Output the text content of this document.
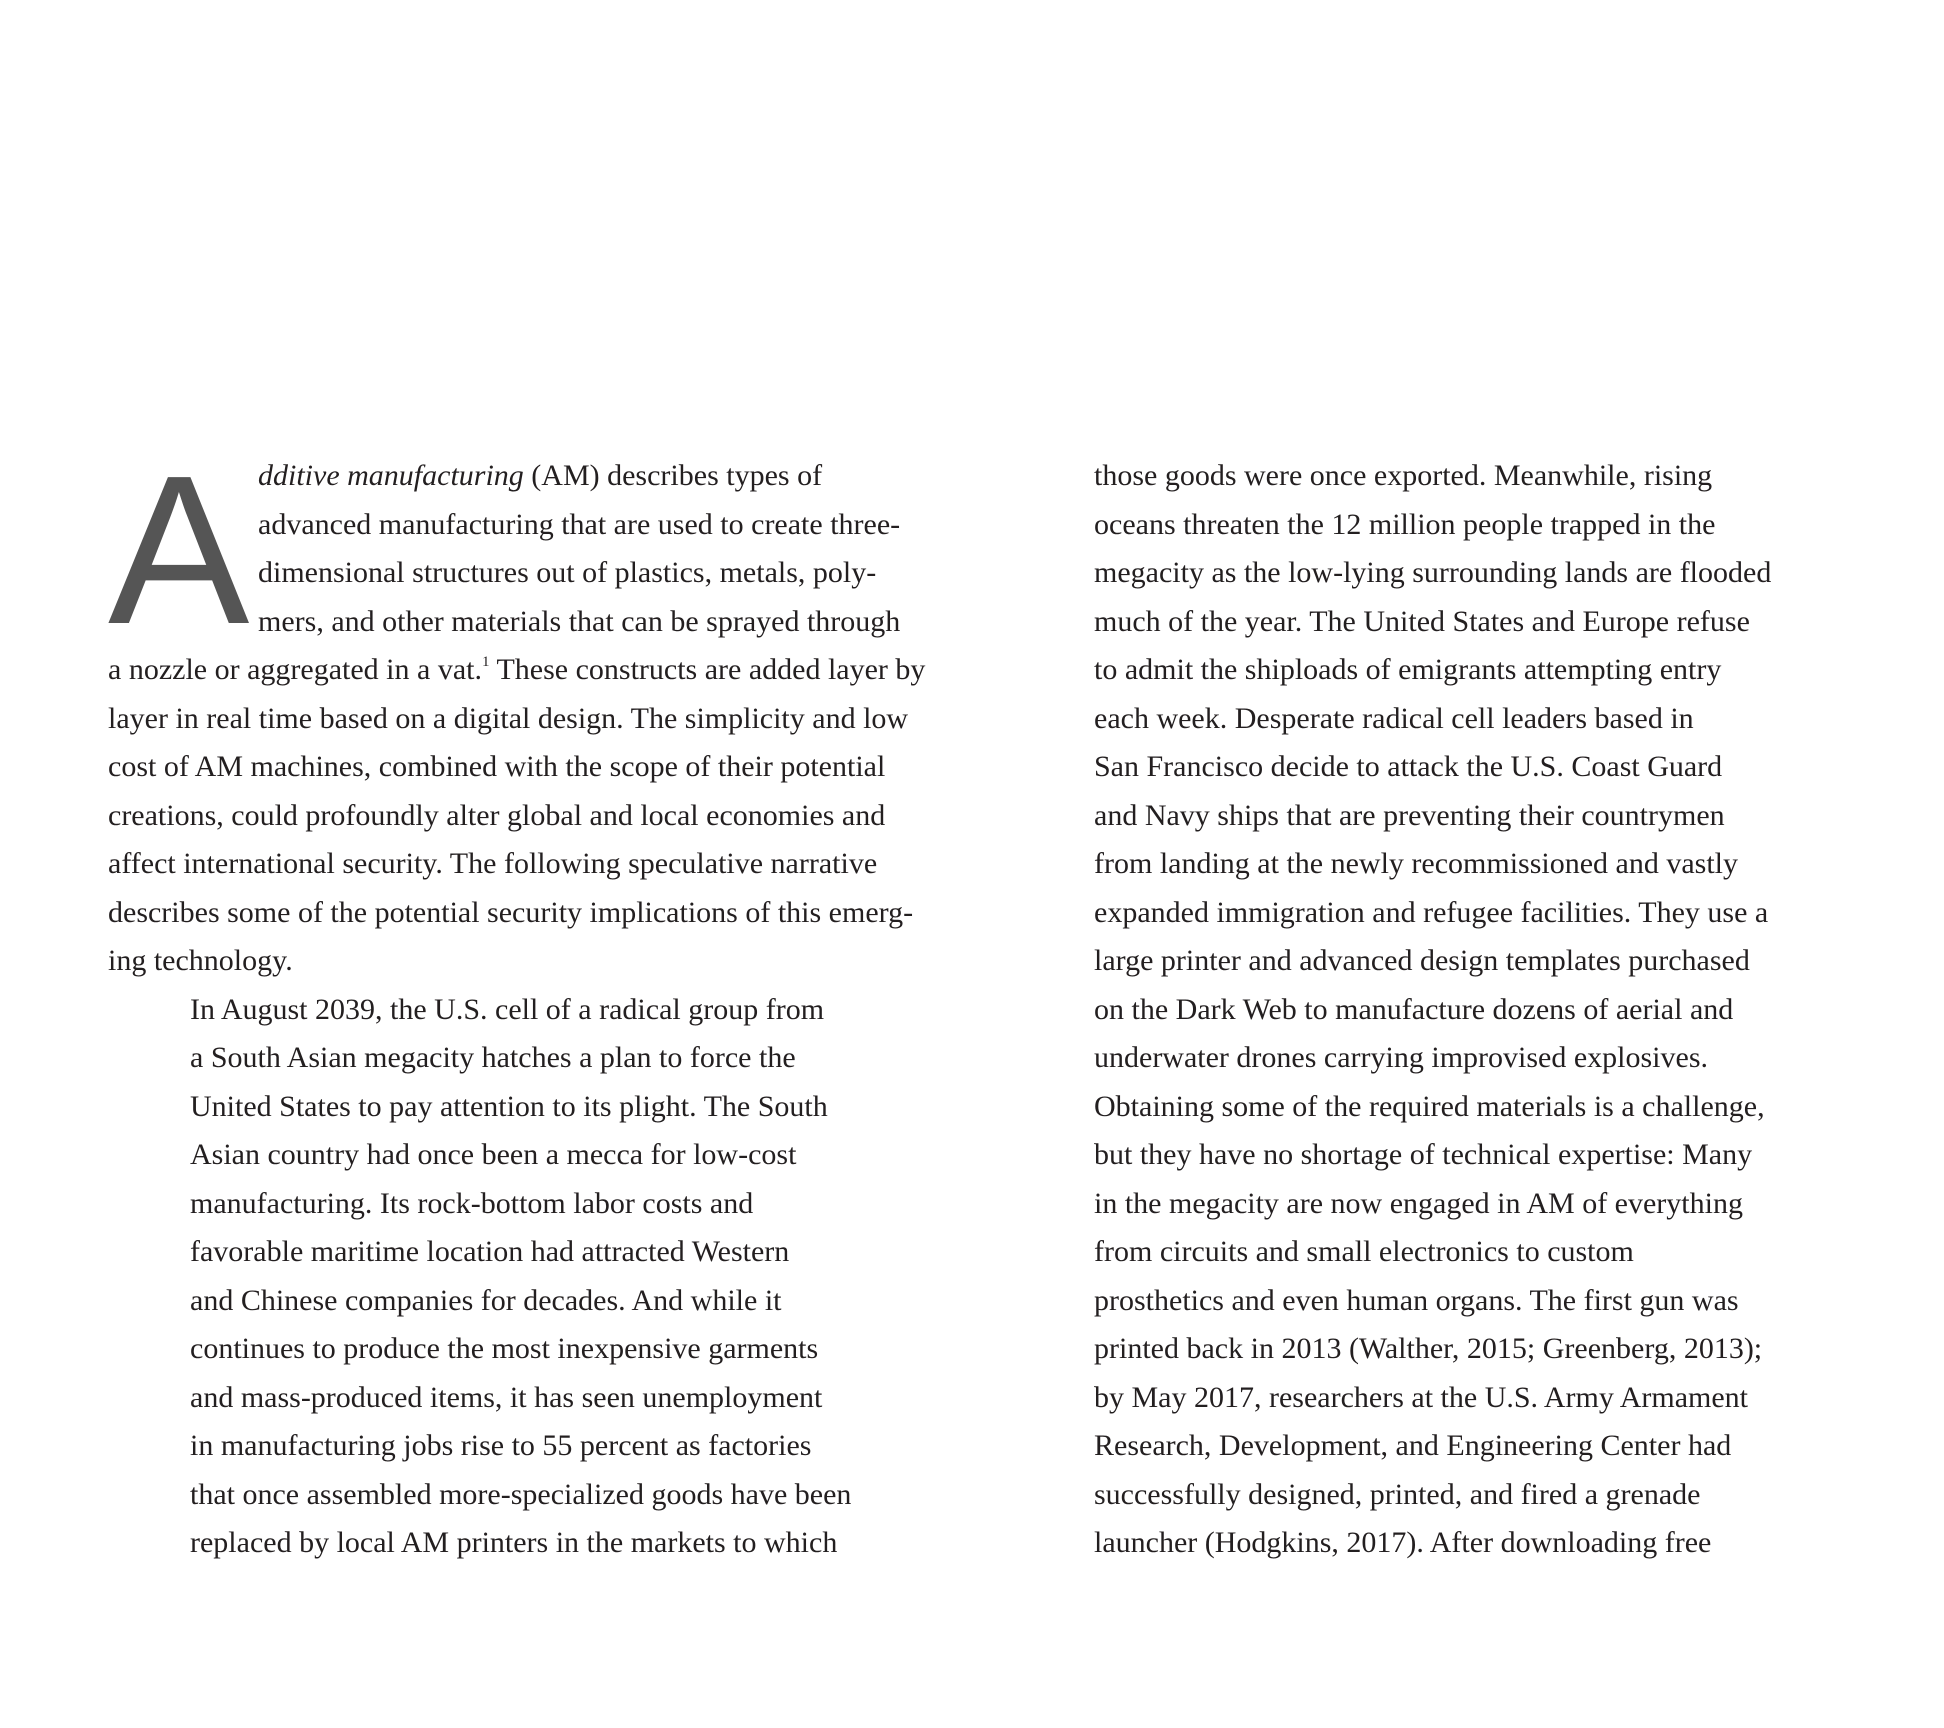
A dditive manufacturing (AM) describes types of
advanced manufacturing that are used to create three-
dimensional structures out of plastics, metals, poly-
mers, and other materials that can be sprayed through
a nozzle or aggregated in a vat.$^1$ These constructs are added layer by
layer in real time based on a digital design. The simplicity and low
cost of AM machines, combined with the scope of their potential
creations, could profoundly alter global and local economies and
affect international security. The following speculative narrative
describes some of the potential security implications of this emerg-
ing technology.
In August 2039, the U.S. cell of a radical group from
a South Asian megacity hatches a plan to force the
United States to pay attention to its plight. The South
Asian country had once been a mecca for low-cost
manufacturing. Its rock-bottom labor costs and
favorable maritime location had attracted Western
and Chinese companies for decades. And while it
continues to produce the most inexpensive garments
and mass-produced items, it has seen unemployment
in manufacturing jobs rise to 55 percent as factories
that once assembled more-specialized goods have been
replaced by local AM printers in the markets to which
those goods were once exported. Meanwhile, rising
oceans threaten the 12 million people trapped in the
megacity as the low-lying surrounding lands are flooded
much of the year. The United States and Europe refuse
to admit the shiploads of emigrants attempting entry
each week. Desperate radical cell leaders based in
San Francisco decide to attack the U.S. Coast Guard
and Navy ships that are preventing their countrymen
from landing at the newly recommissioned and vastly
expanded immigration and refugee facilities. They use a
large printer and advanced design templates purchased
on the Dark Web to manufacture dozens of aerial and
underwater drones carrying improvised explosives.
Obtaining some of the required materials is a challenge,
but they have no shortage of technical expertise: Many
in the megacity are now engaged in AM of everything
from circuits and small electronics to custom
prosthetics and even human organs. The first gun was
printed back in 2013 (Walther, 2015; Greenberg, 2013);
by May 2017, researchers at the U.S. Army Armament
Research, Development, and Engineering Center had
successfully designed, printed, and fired a grenade
launcher (Hodgkins, 2017). After downloading free
